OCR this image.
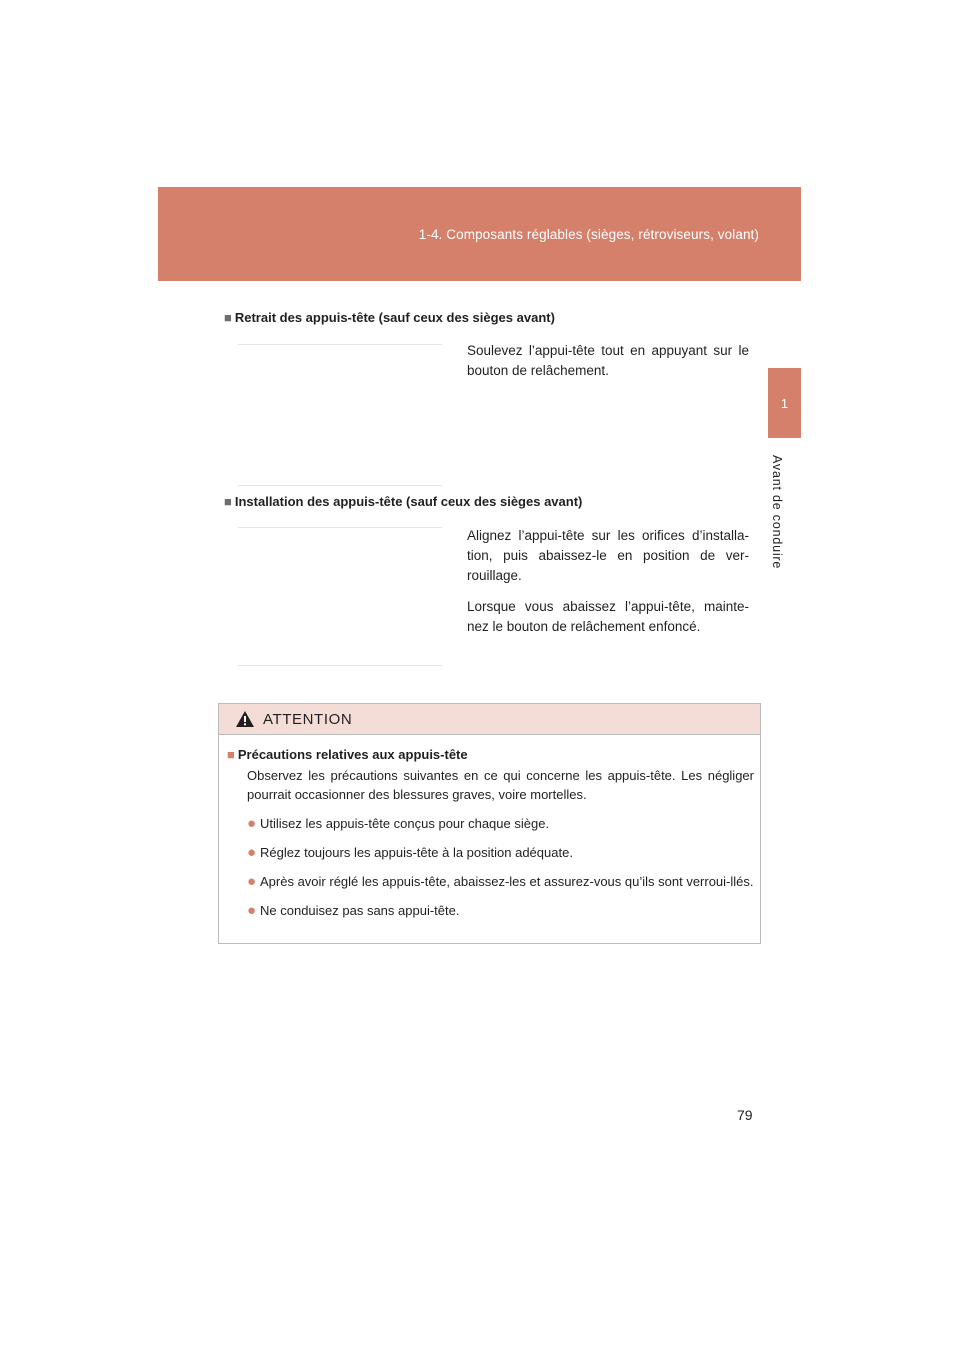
1-4. Composants réglables (sièges, rétroviseurs, volant)
1
Avant de conduire
■ Retrait des appuis-tête (sauf ceux des sièges avant)

Soulevez l’appui-tête tout en appuyant sur le bouton de relâchement.

■ Installation des appuis-tête (sauf ceux des sièges avant)

Alignez l’appui-tête sur les orifices d’installa-tion, puis abaissez-le en position de ver-rouillage.

Lorsque vous abaissez l’appui-tête, mainte-nez le bouton de relâchement enfoncé.

ATTENTION
■ Précautions relatives aux appuis-tête

Observez les précautions suivantes en ce qui concerne les appuis-tête. Les négliger pourrait occasionner des blessures graves, voire mortelles.

● Utilisez les appuis-tête conçus pour chaque siège.
● Réglez toujours les appuis-tête à la position adéquate.
● Après avoir réglé les appuis-tête, abaissez-les et assurez-vous qu’ils sont verroui-llés.
● Ne conduisez pas sans appui-tête.
79
